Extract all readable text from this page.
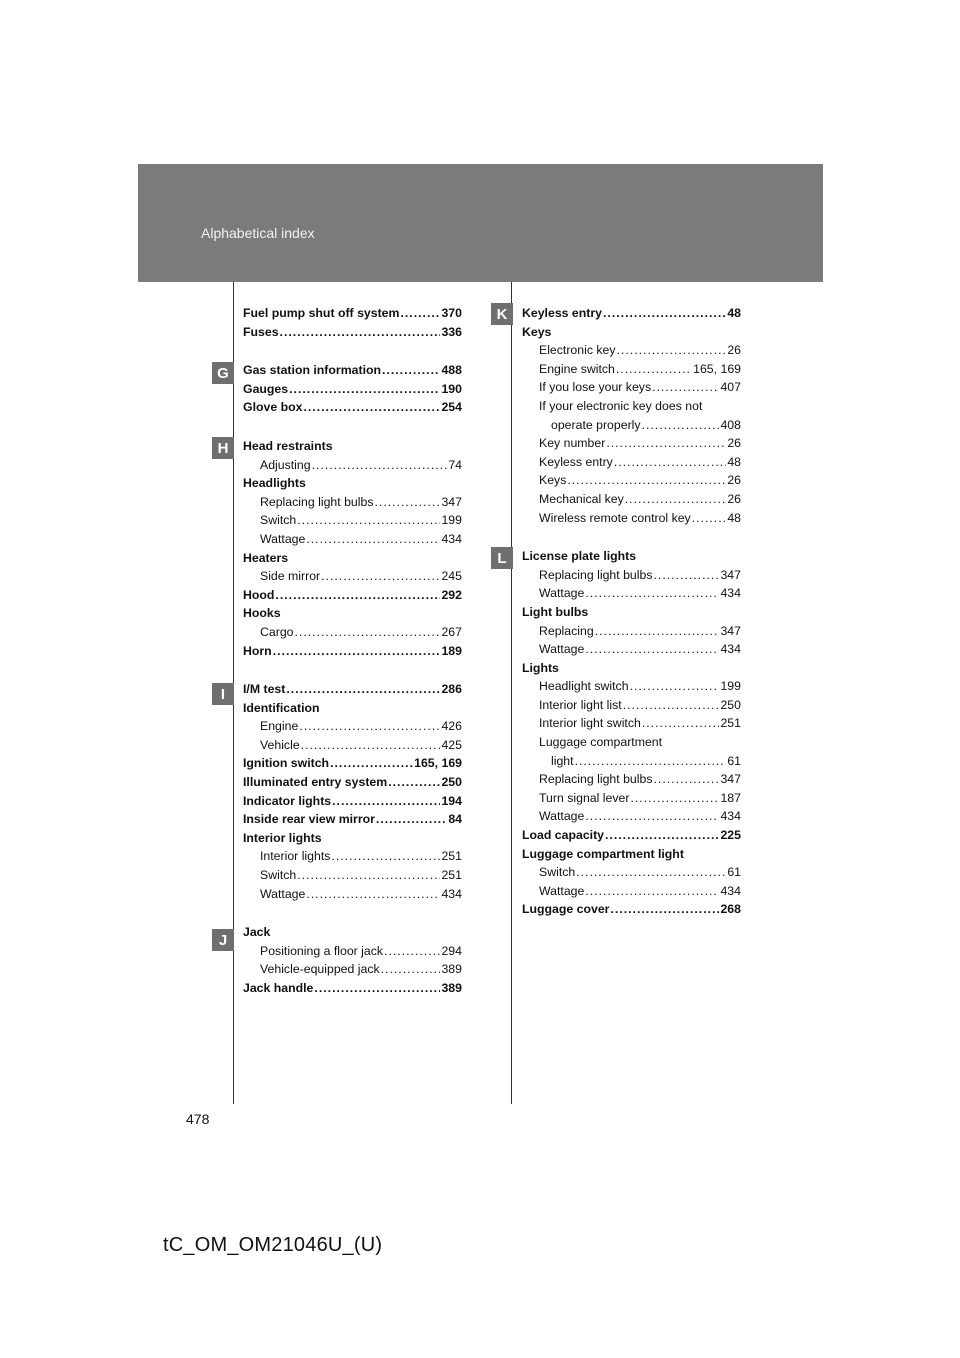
Alphabetical index
G
H
I
J
K
L
Fuel pump shut off system .....	370
Fuses .....	336
Gas station information .....	488
Gauges .....	190
Glove box .....	254
Head restraints
Adjusting .....	74
Headlights
Replacing light bulbs .....	347
Switch .....	199
Wattage .....	434
Heaters
Side mirror .....	245
Hood .....	292
Hooks
Cargo .....	267
Horn .....	189
I/M test .....	286
Identification
Engine .....	426
Vehicle .....	425
Ignition switch .....	165, 169
Illuminated entry system .....	250
Indicator lights .....	194
Inside rear view mirror .....	84
Interior lights
Interior lights .....	251
Switch .....	251
Wattage .....	434
Jack
Positioning a floor jack .....	294
Vehicle-equipped jack .....	389
Jack handle .....	389
Keyless entry .....	48
Keys
Electronic key .....	26
Engine switch .....	165, 169
If you lose your keys .....	407
If your electronic key does not
operate properly .....	408
Key number .....	26
Keyless entry .....	48
Keys .....	26
Mechanical key .....	26
Wireless remote control key .....	48
License plate lights
Replacing light bulbs .....	347
Wattage .....	434
Light bulbs
Replacing .....	347
Wattage .....	434
Lights
Headlight switch .....	199
Interior light list .....	250
Interior light switch .....	251
Luggage compartment
light .....	61
Replacing light bulbs .....	347
Turn signal lever .....	187
Wattage .....	434
Load capacity .....	225
Luggage compartment light
Switch .....	61
Wattage .....	434
Luggage cover .....	268
478
tC_OM_OM21046U_(U)
